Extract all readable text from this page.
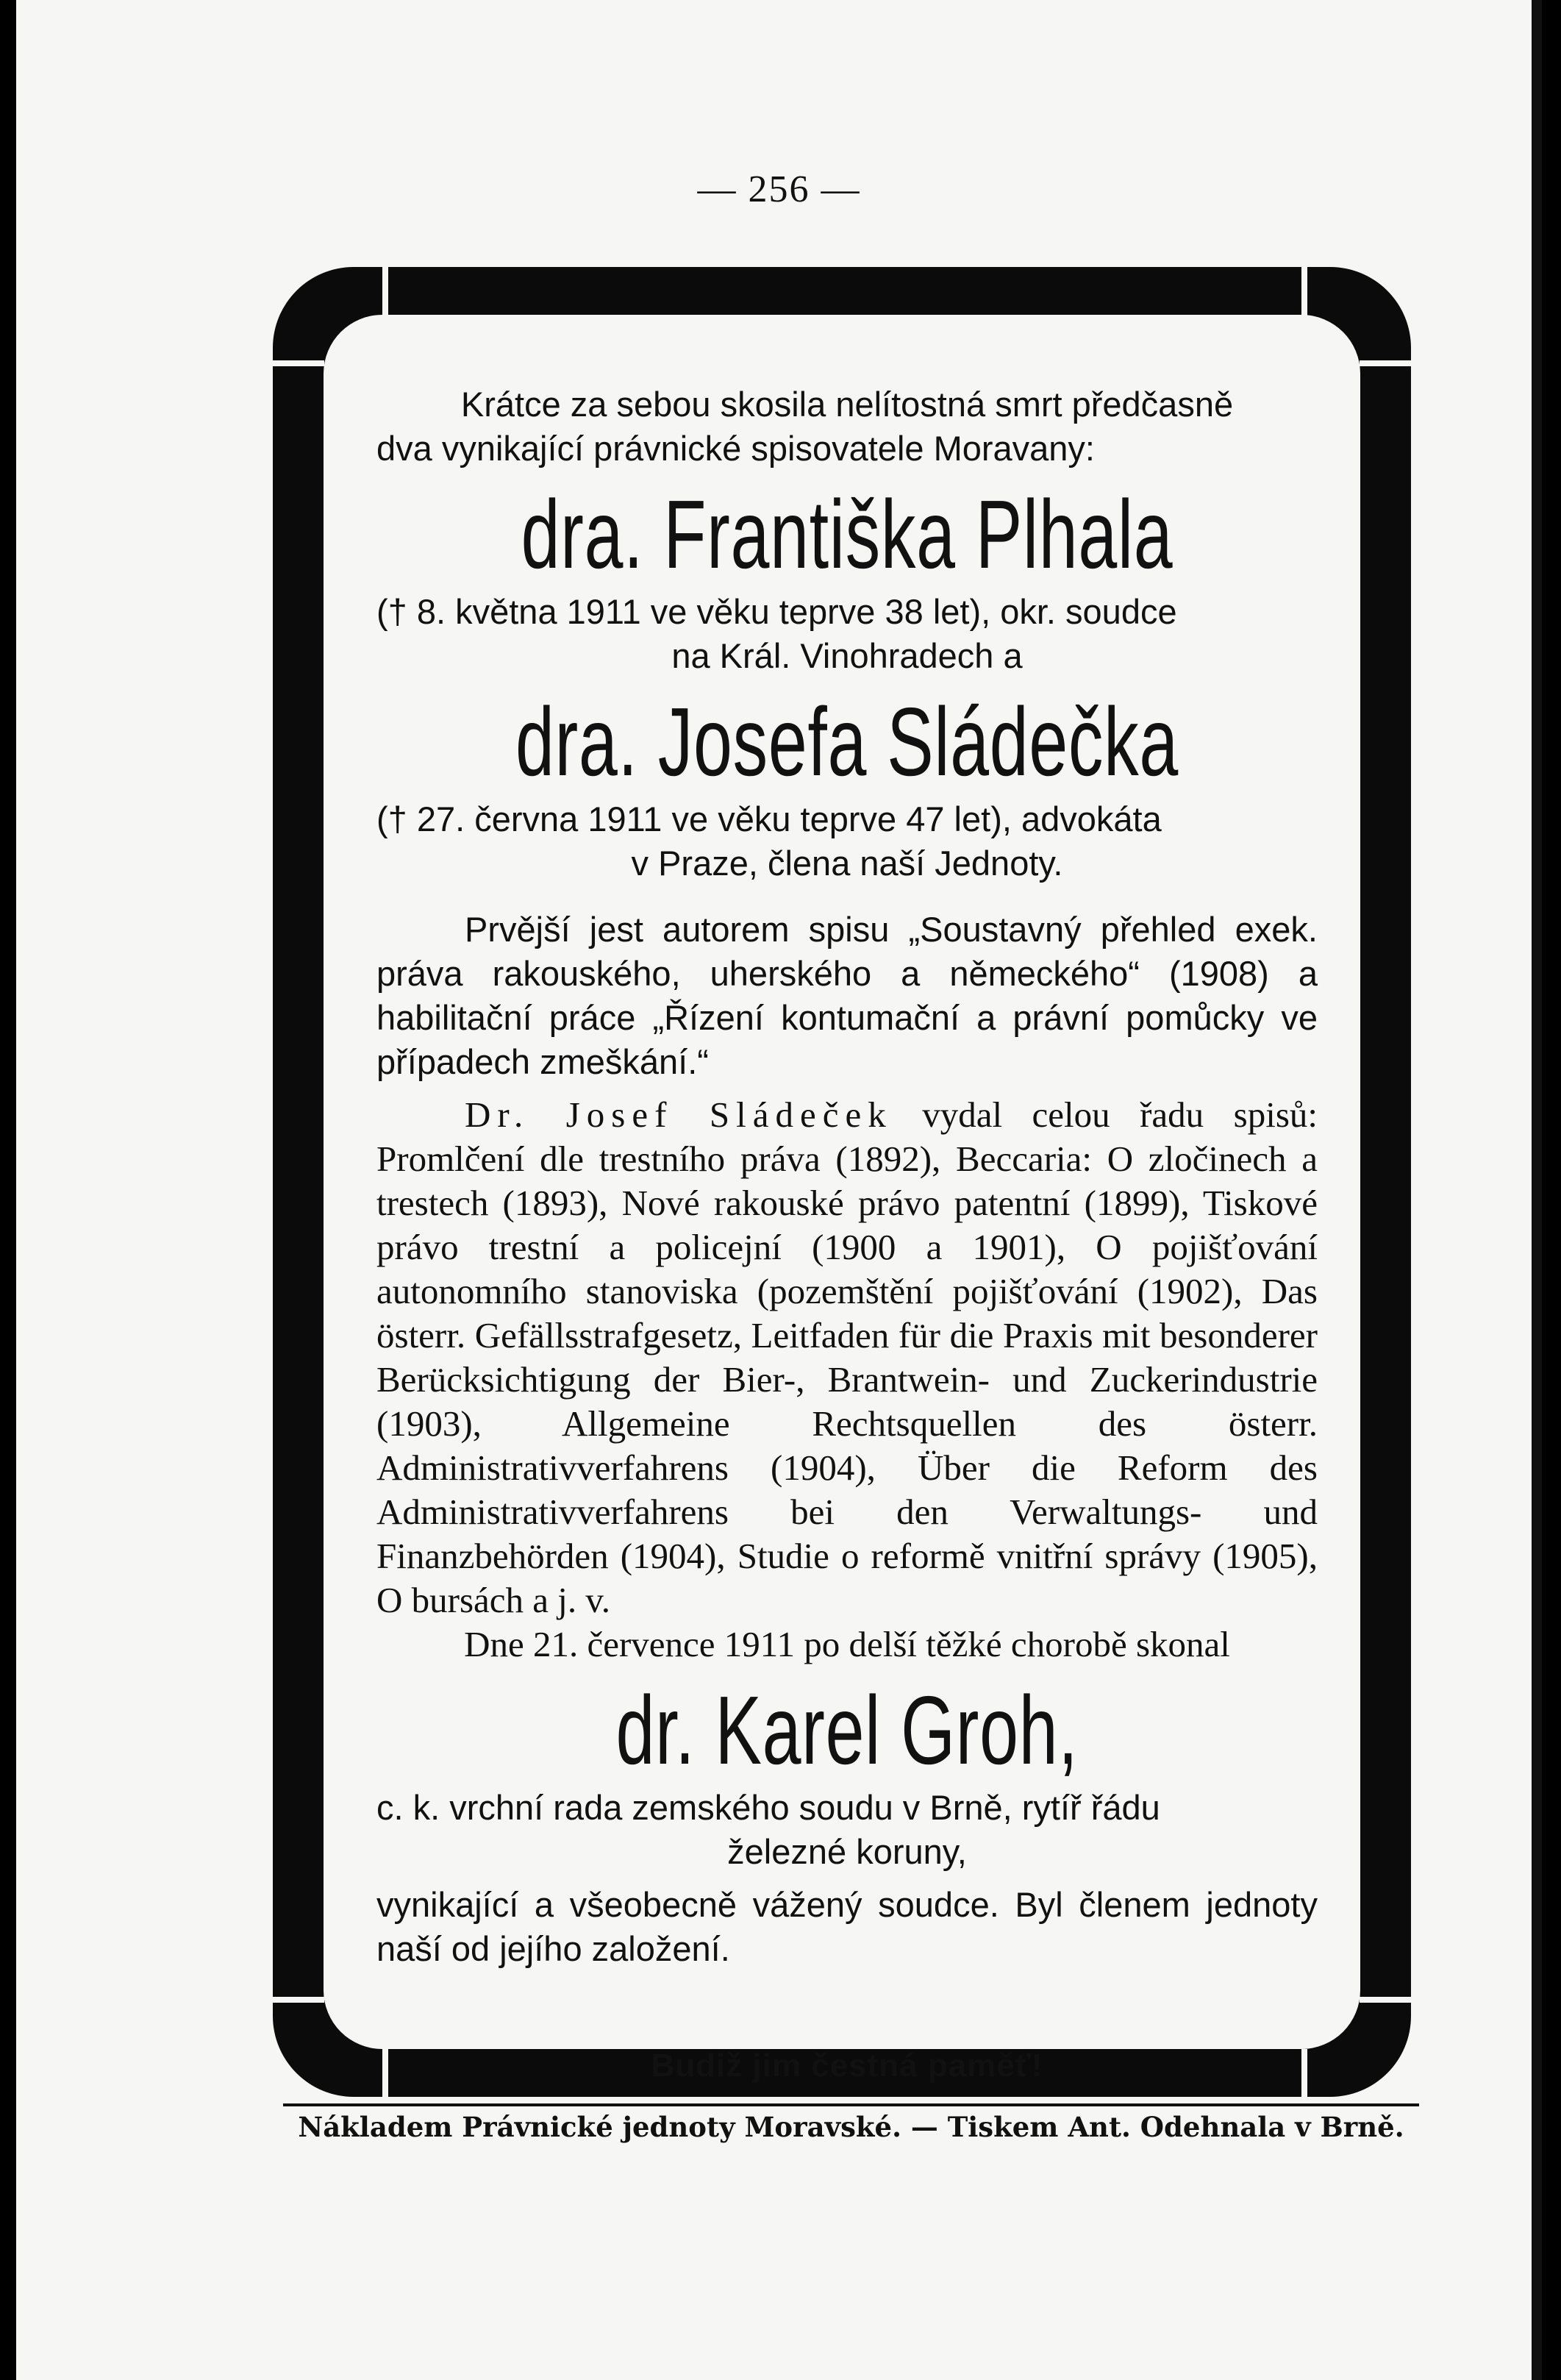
— 256 —

Krátce za sebou skosila nelítostná smrt předčasně

dva vynikající právnické spisovatele Moravany:

dra. Františka Plhala

(† 8. května 1911 ve věku teprve 38 let), okr. soudce

na Král. Vinohradech a

dra. Josefa Sládečka

(† 27. června 1911 ve věku teprve 47 let), advokáta

v Praze, člena naší Jednoty.

Prvější jest autorem spisu „Soustavný přehled exek. práva rakouského, uherského a německého“ (1908) a habilitační práce „Řízení kontumační a právní pomůcky ve případech zmeškání.“

Dr. Josef Sládeček vydal celou řadu spisů: Promlčení dle trestního práva (1892), Beccaria: O zločinech a trestech (1893), Nové rakouské právo patentní (1899), Tiskové právo trestní a policejní (1900 a 1901), O pojišťování autonomního stanoviska (pozemštění pojišťování (1902), Das österr. Gefällsstrafgesetz, Leitfaden für die Praxis mit besonderer Berücksichtigung der Bier-, Brantwein- und Zuckerindustrie (1903), Allgemeine Rechtsquellen des österr. Administrativverfahrens (1904), Über die Reform des Administrativverfahrens bei den Verwaltungs- und Finanzbehörden (1904), Studie o reformě vnitřní správy (1905), O bursách a j. v.

Dne 21. července 1911 po delší těžké chorobě skonal

dr. Karel Groh,

c. k. vrchní rada zemského soudu v Brně, rytíř řádu

železné koruny,

vynikající a všeobecně vážený soudce. Byl členem jednoty naší od jejího založení.

Budiž jim čestná paměť!

Nákladem Právnické jednoty Moravské. — Tiskem Ant. Odehnala v Brně.
